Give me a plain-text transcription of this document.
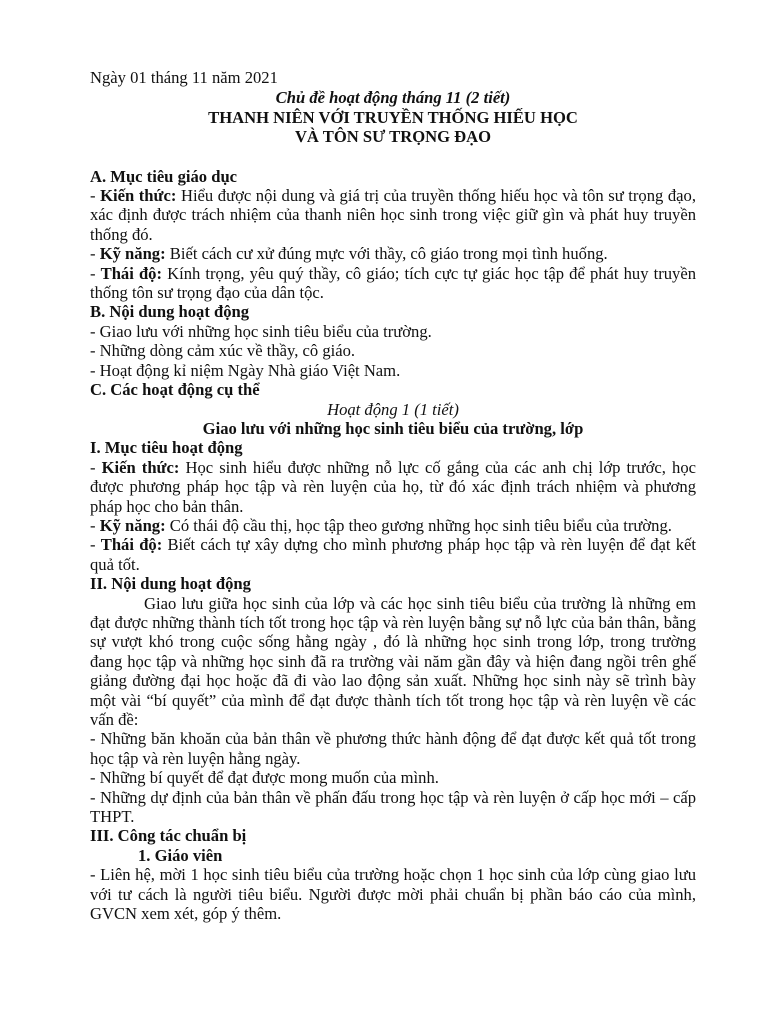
Ngày 01 tháng 11 năm 2021
Chủ đề hoạt động tháng 11 (2 tiết)
THANH NIÊN VỚI TRUYỀN THỐNG HIẾU HỌC
VÀ TÔN SƯ TRỌNG ĐẠO
A. Mục tiêu giáo dục

- Kiến thức: Hiểu được nội dung và giá trị của truyền thống hiếu học và tôn sư trọng đạo, xác định được trách nhiệm của thanh niên học sinh trong việc giữ gìn và phát huy truyền thống đó.

- Kỹ năng: Biết cách cư xử đúng mực với thầy, cô giáo trong mọi tình huống.

- Thái độ: Kính trọng, yêu quý thầy, cô giáo; tích cực tự giác học tập để phát huy truyền thống tôn sư trọng đạo của dân tộc.

B. Nội dung hoạt động

- Giao lưu với những học sinh tiêu biểu của trường.

- Những dòng cảm xúc về thầy, cô giáo.

- Hoạt động kỉ niệm Ngày Nhà giáo Việt Nam.

C. Các hoạt động cụ thể
Hoạt động 1 (1 tiết)
Giao lưu với những học sinh tiêu biểu của trường, lớp
I. Mục tiêu hoạt động

- Kiến thức: Học sinh hiểu được những nỗ lực cố gắng của các anh chị lớp trước, học được phương pháp học tập và rèn luyện của họ, từ đó xác định trách nhiệm và phương pháp học cho bản thân.

- Kỹ năng: Có thái độ cầu thị, học tập theo gương những học sinh tiêu biểu của trường.

- Thái độ: Biết cách tự xây dựng cho mình phương pháp học tập và rèn luyện để đạt kết quả tốt.

II. Nội dung hoạt động

Giao lưu giữa học sinh của lớp và các học sinh tiêu biểu của trường là những em đạt được những thành tích tốt trong học tập và rèn luyện bằng sự nỗ lực của bản thân, bằng sự vượt khó trong cuộc sống hằng ngày , đó là những học sinh trong lớp, trong trường đang học tập và những học sinh đã ra trường vài năm gần đây và hiện đang ngồi trên ghế giảng đường đại học hoặc đã đi vào lao động sản xuất. Những học sinh này sẽ trình bày một vài “bí quyết” của mình để đạt được thành tích tốt trong học tập và rèn luyện về các vấn đề:

- Những băn khoăn của bản thân về phương thức hành động để đạt được kết quả tốt trong học tập và rèn luyện hằng ngày.

- Những bí quyết để đạt được mong muốn của mình.

- Những dự định của bản thân về phấn đấu trong học tập và rèn luyện ở cấp học mới – cấp THPT.

III. Công tác chuẩn bị
1. Giáo viên

- Liên hệ, mời 1 học sinh tiêu biểu của trường hoặc chọn 1 học sinh của lớp cùng giao lưu với tư cách là người tiêu biểu. Người được mời phải chuẩn bị phần báo cáo của mình, GVCN xem xét, góp ý thêm.
